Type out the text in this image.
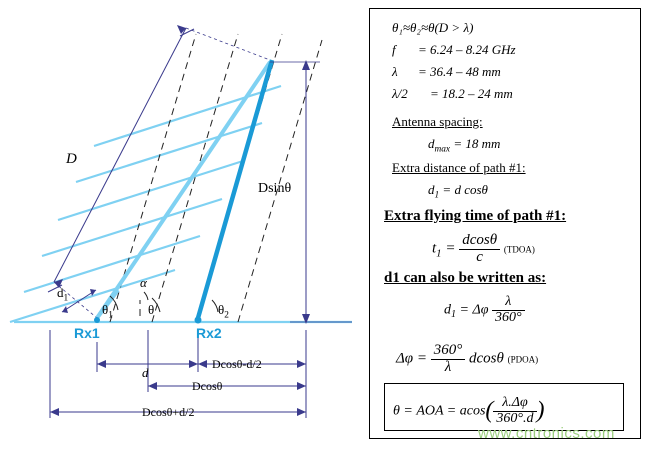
D
Dsinθ
$d_1$
α
$\theta_1$	θ	$\theta_2$
Rx1	Rx2
d
Dcosθ-d/2
Dcosθ
Dcosθ+d/2
θ₁≈θ₂≈θ(D > λ)
f = 6.24 – 8.24 GHz
λ = 36.4 – 48 mm
λ/2 = 18.2 – 24 mm
Antenna spacing:
$d_{max} = 18$ mm
Extra distance of path #1:
$d_1 = d$ cosθ
Extra flying time of path #1:
$t_1 = \frac{dcos\theta}{c}$ (TDOA)
d1 can also be written as:
$d_1 = \Delta\varphi \frac{\lambda}{360^\circ}$
$\Delta\varphi = \frac{360^\circ}{\lambda}$ dcosθ (PDOA)
θ = AOA = $acos( \frac{\lambda.\Delta\varphi}{360^\circ.d}$ )
www.cntronics.com
